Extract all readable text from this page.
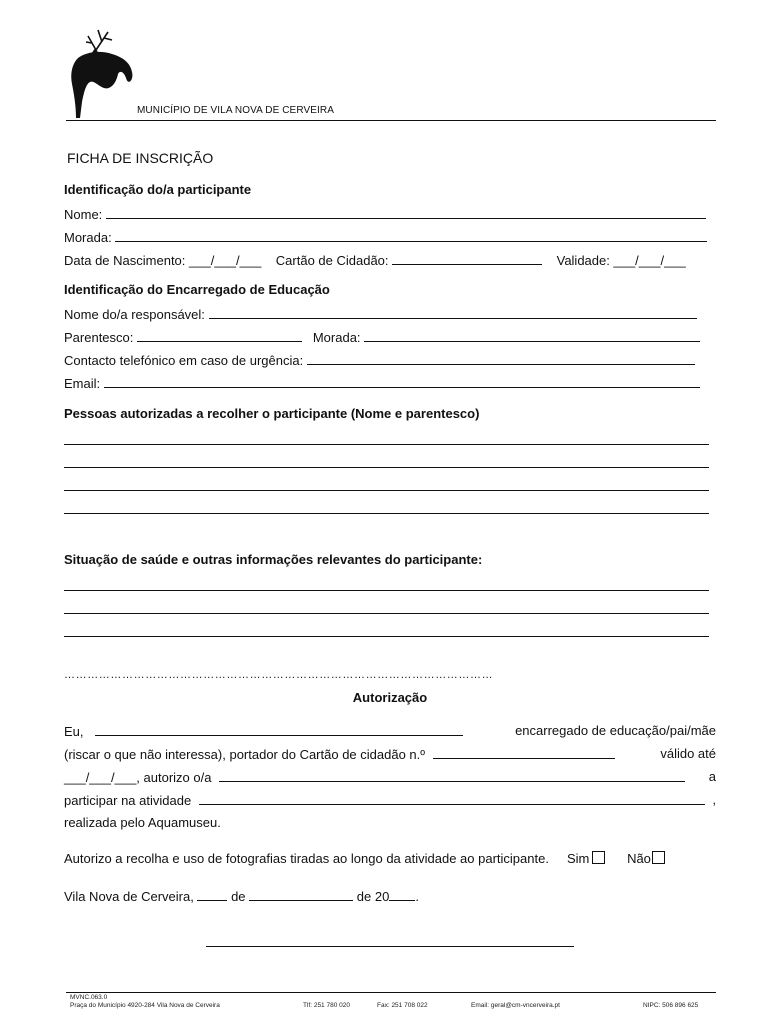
MUNICÍPIO DE VILA NOVA DE CERVEIRA
FICHA DE INSCRIÇÃO
Identificação do/a participante
Nome:
Morada:
Data de Nascimento: ___/___/___ Cartão de Cidadão:	Validade: ___/___/___
Identificação do Encarregado de Educação
Nome do/a responsável:
Parentesco:	Morada:
Contacto telefónico em caso de urgência:
Email:
Pessoas autorizadas a recolher o participante (Nome e parentesco)
Situação de saúde e outras informações relevantes do participante:
…………………………………………………………………………………………………
Autorização
Eu,	encarregado de educação/pai/mãe
(riscar o que não interessa), portador do Cartão de cidadão n.º	válido até
___/___/___, autorizo o/a	a
participar na atividade	,
realizada pelo Aquamuseu.
Autorizo a recolha e uso de fotografias tiradas ao longo da atividade ao participante. Sim	Não
Vila Nova de Cerveira,	de	de 20 .
MVNC.063.0
Praça do Município 4920-284 Vila Nova de Cerveira	Tlf: 251 780 020	Fax: 251 708 022	Email: geral@cm-vncerveira.pt	NIPC: 506 896 625
